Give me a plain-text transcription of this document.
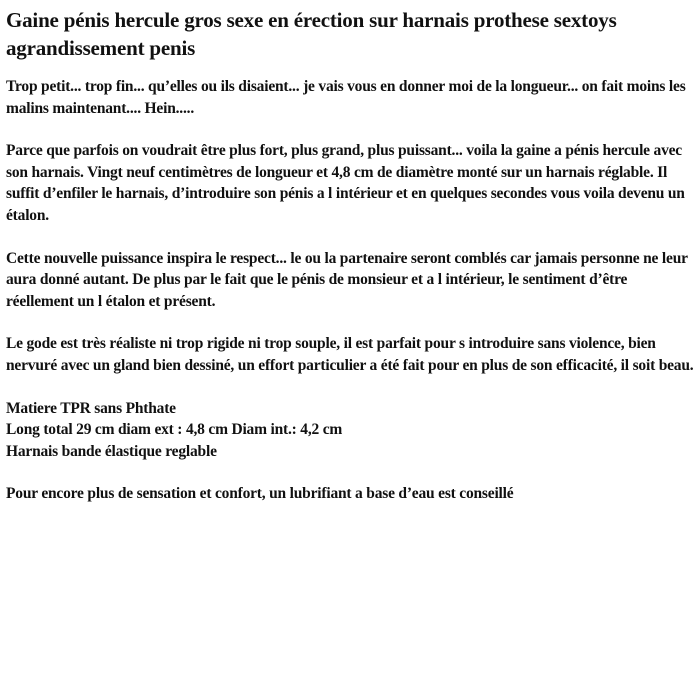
Gaine pénis hercule gros sexe en érection sur harnais prothese sextoys agrandissement penis

Trop petit... trop fin... qu’elles ou ils disaient... je vais vous en donner moi de la longueur... on fait moins les malins maintenant.... Hein.....

Parce que parfois on voudrait être plus fort, plus grand, plus puissant... voila la gaine a pénis hercule avec son harnais. Vingt neuf centimètres de longueur et 4,8 cm de diamètre monté sur un harnais réglable. Il suffit d’enfiler le harnais, d’introduire son pénis a l intérieur et en quelques secondes vous voila devenu un étalon.

Cette nouvelle puissance inspira le respect... le ou la partenaire seront comblés car jamais personne ne leur aura donné autant. De plus par le fait que le pénis de monsieur et a l intérieur, le sentiment d’être réellement un l étalon et présent.

Le gode est très réaliste ni trop rigide ni trop souple, il est parfait pour s introduire sans violence, bien nervuré avec un gland bien dessiné, un effort particulier a été fait pour en plus de son efficacité, il soit beau.

Matiere TPR sans Phthate
Long total 29 cm diam ext : 4,8 cm Diam int.: 4,2 cm
Harnais bande élastique reglable

Pour encore plus de sensation et confort, un lubrifiant a base d’eau est conseillé
